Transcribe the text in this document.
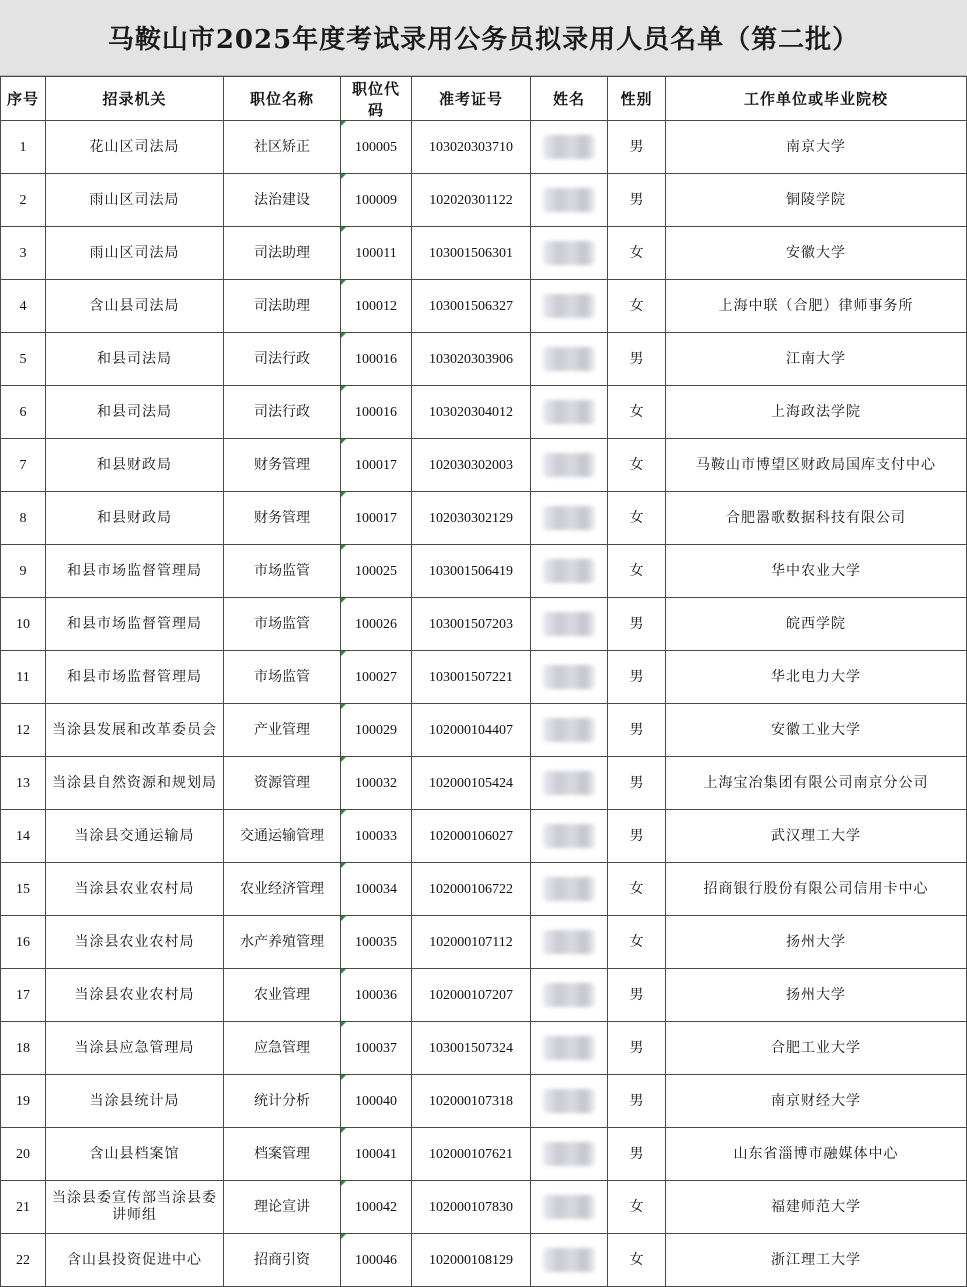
马鞍山市2025年度考试录用公务员拟录用人员名单（第二批）
序号	招录机关	职位名称	职位代码	准考证号	姓名	性别	工作单位或毕业院校
1	花山区司法局	社区矫正	100005	103020303710		男	南京大学
2	雨山区司法局	法治建设	100009	102020301122		男	铜陵学院
3	雨山区司法局	司法助理	100011	103001506301		女	安徽大学
4	含山县司法局	司法助理	100012	103001506327		女	上海中联（合肥）律师事务所
5	和县司法局	司法行政	100016	103020303906		男	江南大学
6	和县司法局	司法行政	100016	103020304012		女	上海政法学院
7	和县财政局	财务管理	100017	102030302003		女	马鞍山市博望区财政局国库支付中心
8	和县财政局	财务管理	100017	102030302129		女	合肥嚣歌数据科技有限公司
9	和县市场监督管理局	市场监管	100025	103001506419		女	华中农业大学
10	和县市场监督管理局	市场监管	100026	103001507203		男	皖西学院
11	和县市场监督管理局	市场监管	100027	103001507221		男	华北电力大学
12	当涂县发展和改革委员会	产业管理	100029	102000104407		男	安徽工业大学
13	当涂县自然资源和规划局	资源管理	100032	102000105424		男	上海宝冶集团有限公司南京分公司
14	当涂县交通运输局	交通运输管理	100033	102000106027		男	武汉理工大学
15	当涂县农业农村局	农业经济管理	100034	102000106722		女	招商银行股份有限公司信用卡中心
16	当涂县农业农村局	水产养殖管理	100035	102000107112		女	扬州大学
17	当涂县农业农村局	农业管理	100036	102000107207		男	扬州大学
18	当涂县应急管理局	应急管理	100037	103001507324		男	合肥工业大学
19	当涂县统计局	统计分析	100040	102000107318		男	南京财经大学
20	含山县档案馆	档案管理	100041	102000107621		男	山东省淄博市融媒体中心
21	当涂县委宣传部当涂县委讲师组	理论宣讲	100042	102000107830		女	福建师范大学
22	含山县投资促进中心	招商引资	100046	102000108129		女	浙江理工大学
